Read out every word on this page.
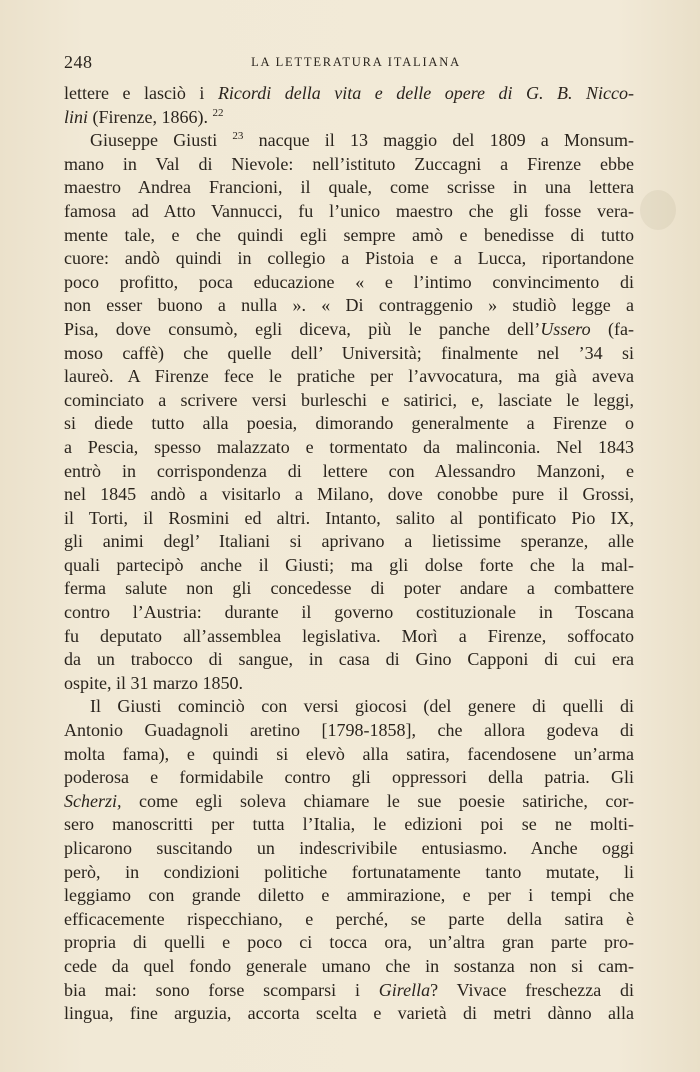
248	LA LETTERATURA ITALIANA
lettere e lasciò i Ricordi della vita e delle opere di G. B. Nicco-
lini (Firenze, 1866). $^{22}$
Giuseppe Giusti $^{23}$ nacque il 13 maggio del 1809 a Monsum-
mano in Val di Nievole: nell’istituto Zuccagni a Firenze ebbe
maestro Andrea Francioni, il quale, come scrisse in una lettera
famosa ad Atto Vannucci, fu l’unico maestro che gli fosse vera-
mente tale, e che quindi egli sempre amò e benedisse di tutto
cuore: andò quindi in collegio a Pistoia e a Lucca, riportandone
poco profitto, poca educazione « e l’intimo convincimento di
non esser buono a nulla ». « Di contraggenio » studiò legge a
Pisa, dove consumò, egli diceva, più le panche dell’Ussero (fa-
moso caffè) che quelle dell’ Università; finalmente nel ’34 si
laureò. A Firenze fece le pratiche per l’avvocatura, ma già aveva
cominciato a scrivere versi burleschi e satirici, e, lasciate le leggi,
si diede tutto alla poesia, dimorando generalmente a Firenze o
a Pescia, spesso malazzato e tormentato da malinconia. Nel 1843
entrò in corrispondenza di lettere con Alessandro Manzoni, e
nel 1845 andò a visitarlo a Milano, dove conobbe pure il Grossi,
il Torti, il Rosmini ed altri. Intanto, salito al pontificato Pio IX,
gli animi degl’ Italiani si aprivano a lietissime speranze, alle
quali partecipò anche il Giusti; ma gli dolse forte che la mal-
ferma salute non gli concedesse di poter andare a combattere
contro l’Austria: durante il governo costituzionale in Toscana
fu deputato all’assemblea legislativa. Morì a Firenze, soffocato
da un trabocco di sangue, in casa di Gino Capponi di cui era
ospite, il 31 marzo 1850.
Il Giusti cominciò con versi giocosi (del genere di quelli di
Antonio Guadagnoli aretino [1798-1858], che allora godeva di
molta fama), e quindi si elevò alla satira, facendosene un’arma
poderosa e formidabile contro gli oppressori della patria. Gli
Scherzi, come egli soleva chiamare le sue poesie satiriche, cor-
sero manoscritti per tutta l’Italia, le edizioni poi se ne molti-
plicarono suscitando un indescrivibile entusiasmo. Anche oggi
però, in condizioni politiche fortunatamente tanto mutate, li
leggiamo con grande diletto e ammirazione, e per i tempi che
efficacemente rispecchiano, e perché, se parte della satira è
propria di quelli e poco ci tocca ora, un’altra gran parte pro-
cede da quel fondo generale umano che in sostanza non si cam-
bia mai: sono forse scomparsi i Girella? Vivace freschezza di
lingua, fine arguzia, accorta scelta e varietà di metri dànno alla
